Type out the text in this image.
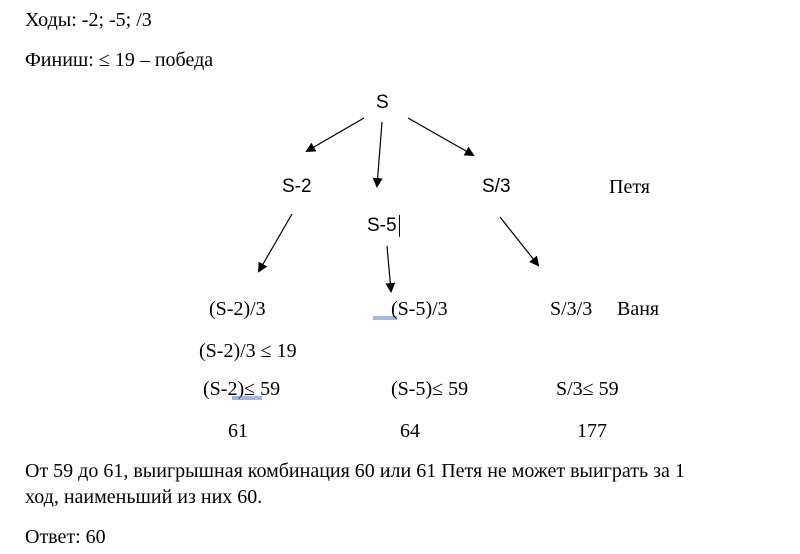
Ходы: -2; -5; /3
Финиш: ≤ 19 – победа
S
S-2	S/3	Петя
S-5
(S-2)/3	(S-5)/3	S/3/3 Ваня
(S-2)/3 ≤ 19
(S-2)≤ 59	(S-5)≤ 59	S/3≤ 59
61	64	177
От 59 до 61, выигрышная комбинация 60 или 61 Петя не может выиграть за 1
ход, наименьший из них 60.
Ответ: 60
